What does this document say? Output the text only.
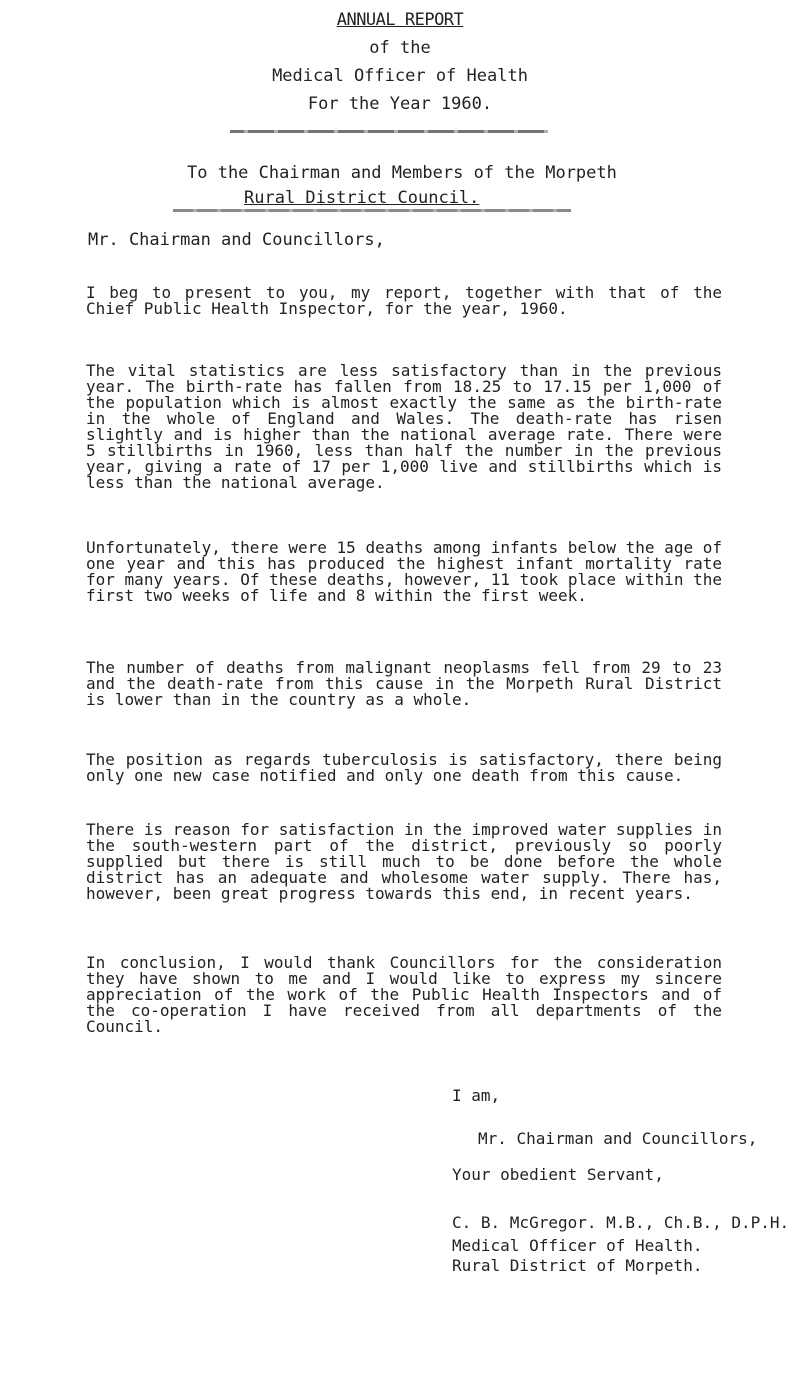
ANNUAL REPORT
of the
Medical Officer of Health
For the Year 1960.
To the Chairman and Members of the Morpeth
Rural District Council.
Mr. Chairman and Councillors,
I beg to present to you, my report, together with that of the Chief Public Health Inspector, for the year, 1960.
The vital statistics are less satisfactory than in the previous year. The birth-rate has fallen from 18.25 to 17.15 per 1,000 of the population which is almost exactly the same as the birth-rate in the whole of England and Wales. The death-rate has risen slightly and is higher than the national average rate. There were 5 stillbirths in 1960, less than half the number in the previous year, giving a rate of 17 per 1,000 live and stillbirths which is less than the national average.
Unfortunately, there were 15 deaths among infants below the age of one year and this has produced the highest infant mortality rate for many years. Of these deaths, however, 11 took place within the first two weeks of life and 8 within the first week.
The number of deaths from malignant neoplasms fell from 29 to 23 and the death-rate from this cause in the Morpeth Rural District is lower than in the country as a whole.
The position as regards tuberculosis is satisfactory, there being only one new case notified and only one death from this cause.
There is reason for satisfaction in the improved water supplies in the south-western part of the district, previously so poorly supplied but there is still much to be done before the whole district has an adequate and wholesome water supply. There has, however, been great progress towards this end, in recent years.
In conclusion, I would thank Councillors for the consideration they have shown to me and I would like to express my sincere appreciation of the work of the Public Health Inspectors and of the co-operation I have received from all departments of the Council.
I am,
Mr. Chairman and Councillors,
Your obedient Servant,
C. B. McGregor. M.B., Ch.B., D.P.H.
Medical Officer of Health.
Rural District of Morpeth.
